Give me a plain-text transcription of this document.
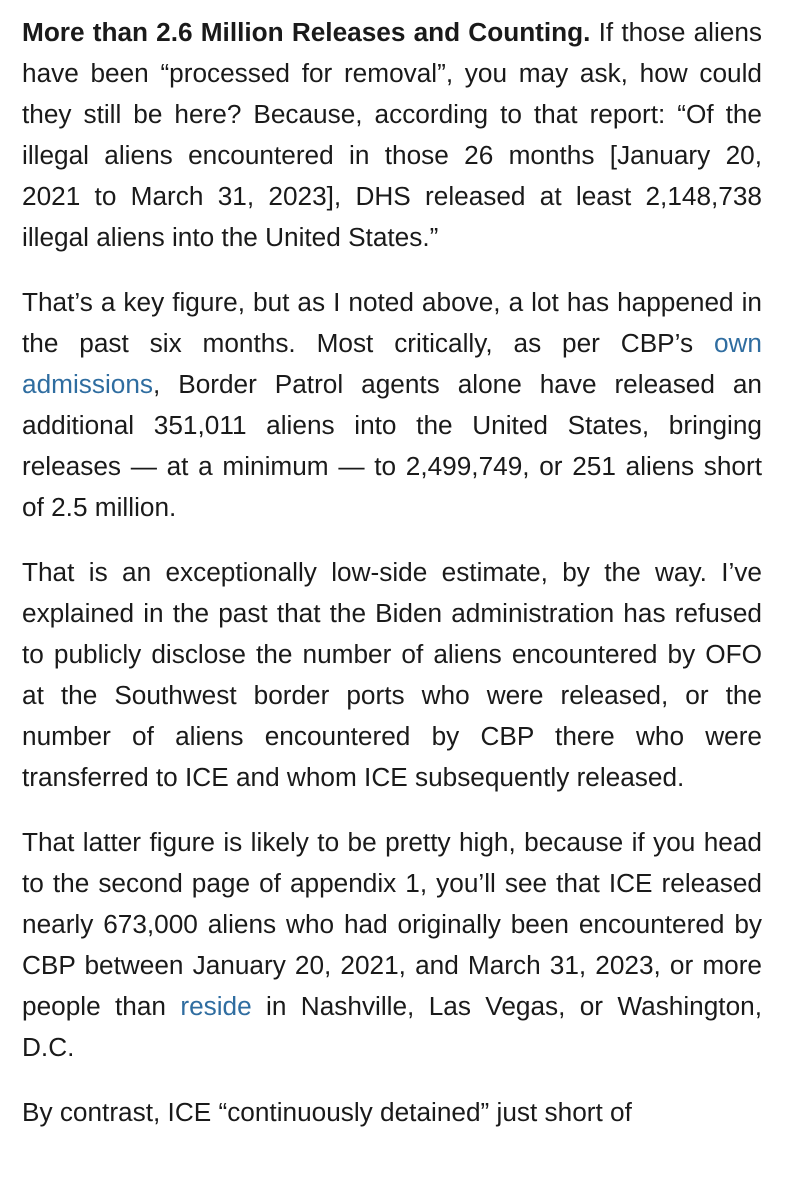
More than 2.6 Million Releases and Counting. If those aliens have been “processed for removal”, you may ask, how could they still be here? Because, according to that report: “Of the illegal aliens encountered in those 26 months [January 20, 2021 to March 31, 2023], DHS released at least 2,148,738 illegal aliens into the United States.”

That’s a key figure, but as I noted above, a lot has happened in the past six months. Most critically, as per CBP’s own admissions, Border Patrol agents alone have released an additional 351,011 aliens into the United States, bringing releases — at a minimum — to 2,499,749, or 251 aliens short of 2.5 million.

That is an exceptionally low-side estimate, by the way. I’ve explained in the past that the Biden administration has refused to publicly disclose the number of aliens encountered by OFO at the Southwest border ports who were released, or the number of aliens encountered by CBP there who were transferred to ICE and whom ICE subsequently released.

That latter figure is likely to be pretty high, because if you head to the second page of appendix 1, you’ll see that ICE released nearly 673,000 aliens who had originally been encountered by CBP between January 20, 2021, and March 31, 2023, or more people than reside in Nashville, Las Vegas, or Washington, D.C.

By contrast, ICE “continuously detained” just short of
